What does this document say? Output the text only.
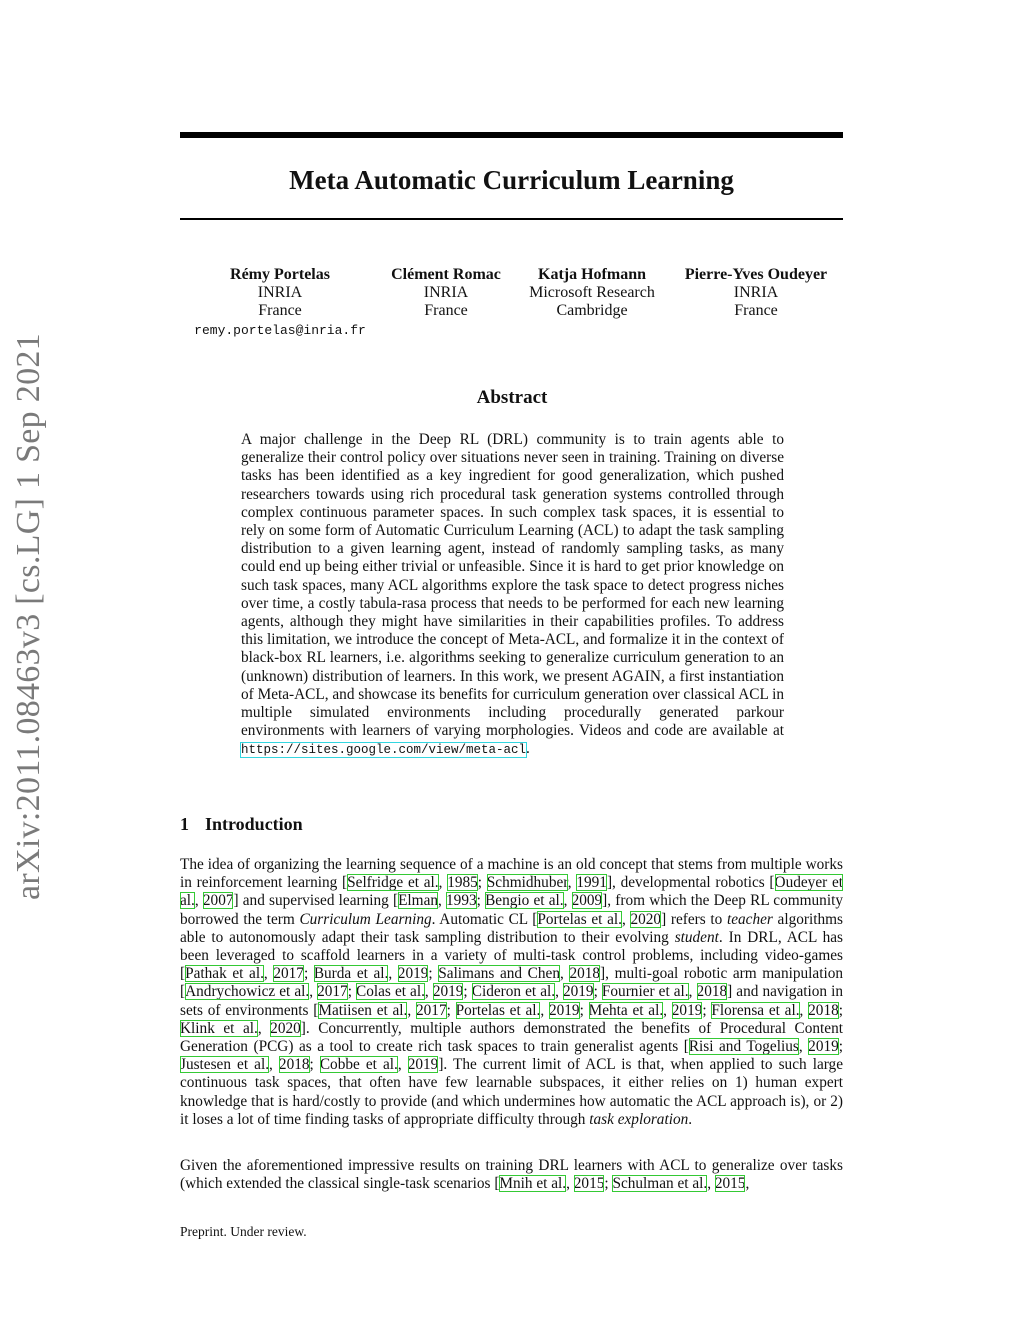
arXiv:2011.08463v3 [cs.LG] 1 Sep 2021
Meta Automatic Curriculum Learning
Rémy Portelas
INRIA
France
remy.portelas@inria.fr
Clément Romac
INRIA
France
Katja Hofmann
Microsoft Research
Cambridge
Pierre-Yves Oudeyer
INRIA
France
Abstract

A major challenge in the Deep RL (DRL) community is to train agents able to generalize their control policy over situations never seen in training. Training on diverse tasks has been identified as a key ingredient for good generalization, which pushed researchers towards using rich procedural task generation systems controlled through complex continuous parameter spaces. In such complex task spaces, it is essential to rely on some form of Automatic Curriculum Learning (ACL) to adapt the task sampling distribution to a given learning agent, instead of randomly sampling tasks, as many could end up being either trivial or unfeasible. Since it is hard to get prior knowledge on such task spaces, many ACL algorithms explore the task space to detect progress niches over time, a costly tabula-rasa process that needs to be performed for each new learning agents, although they might have similarities in their capabilities profiles. To address this limitation, we introduce the concept of Meta-ACL, and formalize it in the context of black-box RL learners, i.e. algorithms seeking to generalize curriculum generation to an (unknown) distribution of learners. In this work, we present AGAIN, a first instantiation of Meta-ACL, and showcase its benefits for curriculum generation over classical ACL in multiple simulated environments including procedurally generated parkour environments with learners of varying morphologies. Videos and code are available at https://sites.google.com/view/meta-acl.

1 Introduction

The idea of organizing the learning sequence of a machine is an old concept that stems from multiple works in reinforcement learning [Selfridge et al., 1985; Schmidhuber, 1991], developmental robotics [Oudeyer et al., 2007] and supervised learning [Elman, 1993; Bengio et al., 2009], from which the Deep RL community borrowed the term Curriculum Learning. Automatic CL [Portelas et al., 2020] refers to teacher algorithms able to autonomously adapt their task sampling distribution to their evolving student. In DRL, ACL has been leveraged to scaffold learners in a variety of multi-task control problems, including video-games [Pathak et al., 2017; Burda et al., 2019; Salimans and Chen, 2018], multi-goal robotic arm manipulation [Andrychowicz et al., 2017; Colas et al., 2019; Cideron et al., 2019; Fournier et al., 2018] and navigation in sets of environments [Matiisen et al., 2017; Portelas et al., 2019; Mehta et al., 2019; Florensa et al., 2018; Klink et al., 2020]. Concurrently, multiple authors demonstrated the benefits of Procedural Content Generation (PCG) as a tool to create rich task spaces to train generalist agents [Risi and Togelius, 2019; Justesen et al., 2018; Cobbe et al., 2019]. The current limit of ACL is that, when applied to such large continuous task spaces, that often have few learnable subspaces, it either relies on 1) human expert knowledge that is hard/costly to provide (and which undermines how automatic the ACL approach is), or 2) it loses a lot of time finding tasks of appropriate difficulty through task exploration.

Given the aforementioned impressive results on training DRL learners with ACL to generalize over tasks (which extended the classical single-task scenarios [Mnih et al., 2015; Schulman et al., 2015,

Preprint. Under review.
